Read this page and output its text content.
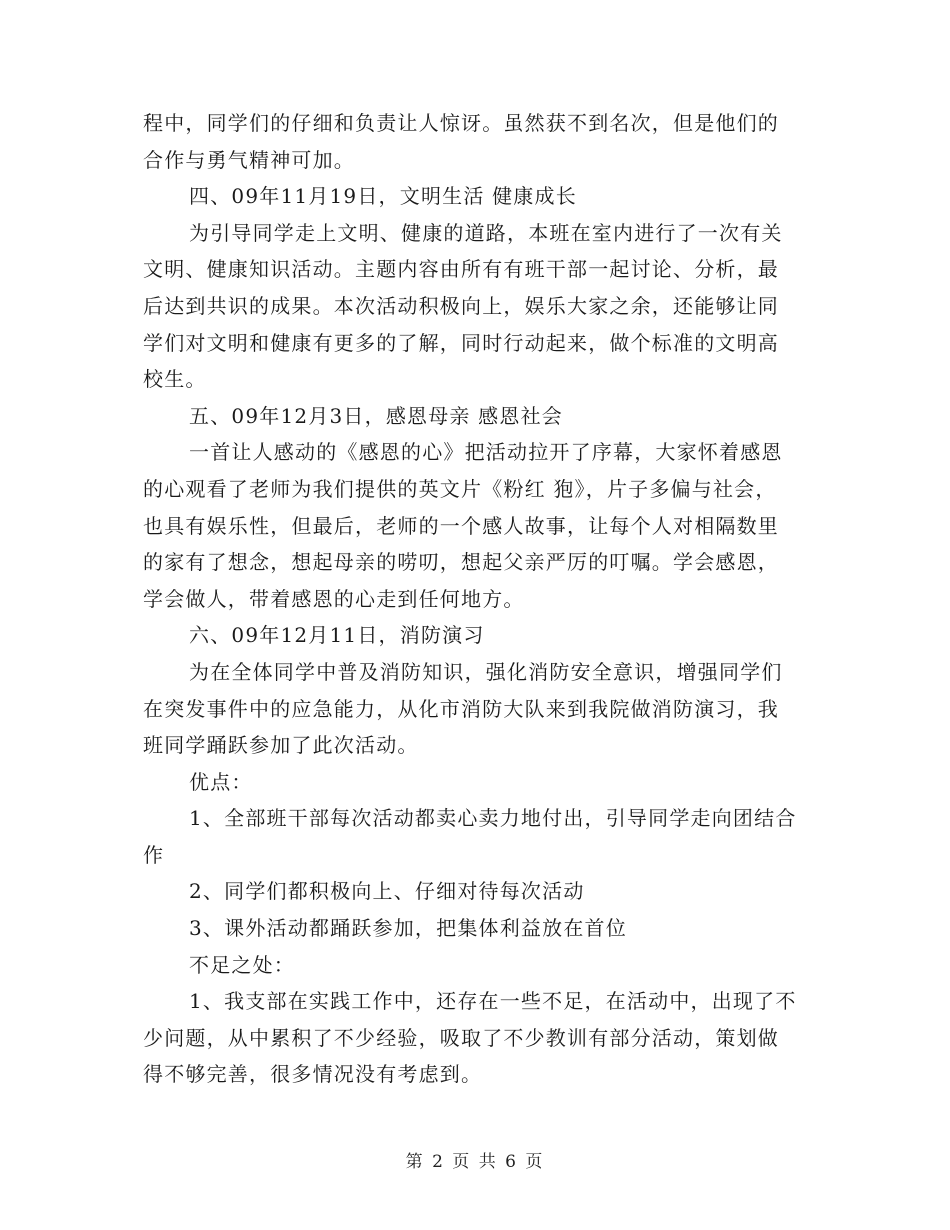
程中，同学们的仔细和负责让人惊讶。虽然获不到名次，但是他们的
合作与勇气精神可加。
四、09年11月19日，文明生活 健康成长
为引导同学走上文明、健康的道路，本班在室内进行了一次有关
文明、健康知识活动。主题内容由所有有班干部一起讨论、分析，最
后达到共识的成果。本次活动积极向上，娱乐大家之余，还能够让同
学们对文明和健康有更多的了解，同时行动起来，做个标准的文明高
校生。
五、09年12月3日，感恩母亲 感恩社会
一首让人感动的《感恩的心》把活动拉开了序幕，大家怀着感恩
的心观看了老师为我们提供的英文片《粉红 狍》，片子多偏与社会，
也具有娱乐性，但最后，老师的一个感人故事，让每个人对相隔数里
的家有了想念，想起母亲的唠叨，想起父亲严厉的叮嘱。学会感恩，
学会做人，带着感恩的心走到任何地方。
六、09年12月11日，消防演习
为在全体同学中普及消防知识，强化消防安全意识，增强同学们
在突发事件中的应急能力，从化市消防大队来到我院做消防演习，我
班同学踊跃参加了此次活动。
优点：
1、全部班干部每次活动都卖心卖力地付出，引导同学走向团结合
作
2、同学们都积极向上、仔细对待每次活动
3、课外活动都踊跃参加，把集体利益放在首位
不足之处：
1、我支部在实践工作中，还存在一些不足，在活动中，出现了不
少问题，从中累积了不少经验，吸取了不少教训有部分活动，策划做
得不够完善，很多情况没有考虑到。
第 2 页 共 6 页
